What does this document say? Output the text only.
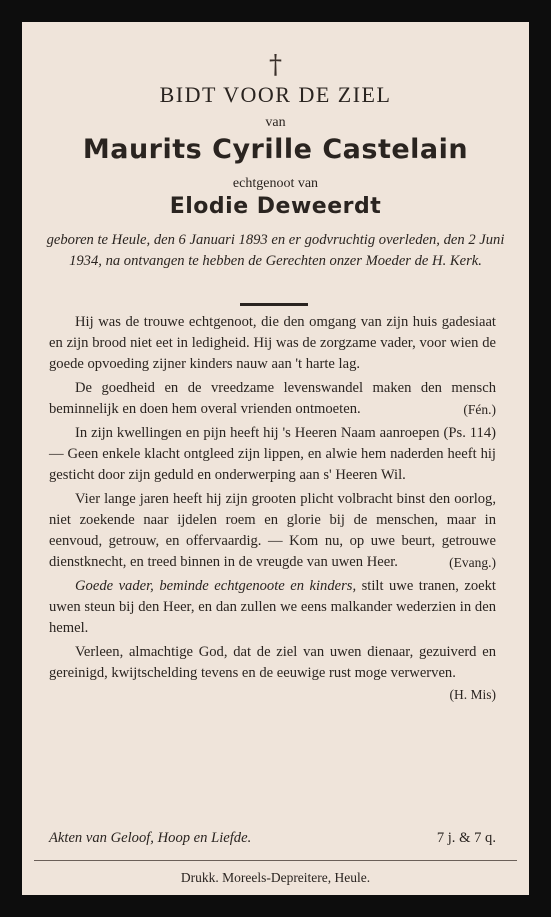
†
BIDT VOOR DE ZIEL
van
Maurits Cyrille Castelain
echtgenoot van
Elodie Deweerdt
geboren te Heule, den 6 Januari 1893 en er godvruchtig overleden, den 2 Juni 1934, na ontvangen te hebben de Gerechten onzer Moeder de H. Kerk.

Hij was de trouwe echtgenoot, die den omgang van zijn huis gadesiaat en zijn brood niet eet in ledigheid. Hij was de zorgzame vader, voor wien de goede opvoeding zijner kinders nauw aan 't harte lag.

De goedheid en de vreedzame levenswandel maken den mensch beminnelijk en doen hem overal vrienden ontmoeten.	(Fén.)

In zijn kwellingen en pijn heeft hij 's Heeren Naam aanroepen (Ps. 114) — Geen enkele klacht ontgleed zijn lippen, en alwie hem naderden heeft hij gesticht door zijn geduld en onderwerping aan s' Heeren Wil.

Vier lange jaren heeft hij zijn grooten plicht volbracht binst den oorlog, niet zoekende naar ijdelen roem en glorie bij de menschen, maar in eenvoud, getrouw, en offervaardig. — Kom nu, op uwe beurt, getrouwe dienstknecht, en treed binnen in de vreugde van uwen Heer.	(Evang.)

Goede vader, beminde echtgenoote en kinders, stilt uwe tranen, zoekt uwen steun bij den Heer, en dan zullen we eens malkander wederzien in den hemel.

Verleen, almachtige God, dat de ziel van uwen dienaar, gezuiverd en gereinigd, kwijtschelding tevens en de eeuwige rust moge verwerven.
(H. Mis)

Akten van Geloof, Hoop en Liefde.	7 j. & 7 q.
Drukk. Moreels-Depreitere, Heule.
